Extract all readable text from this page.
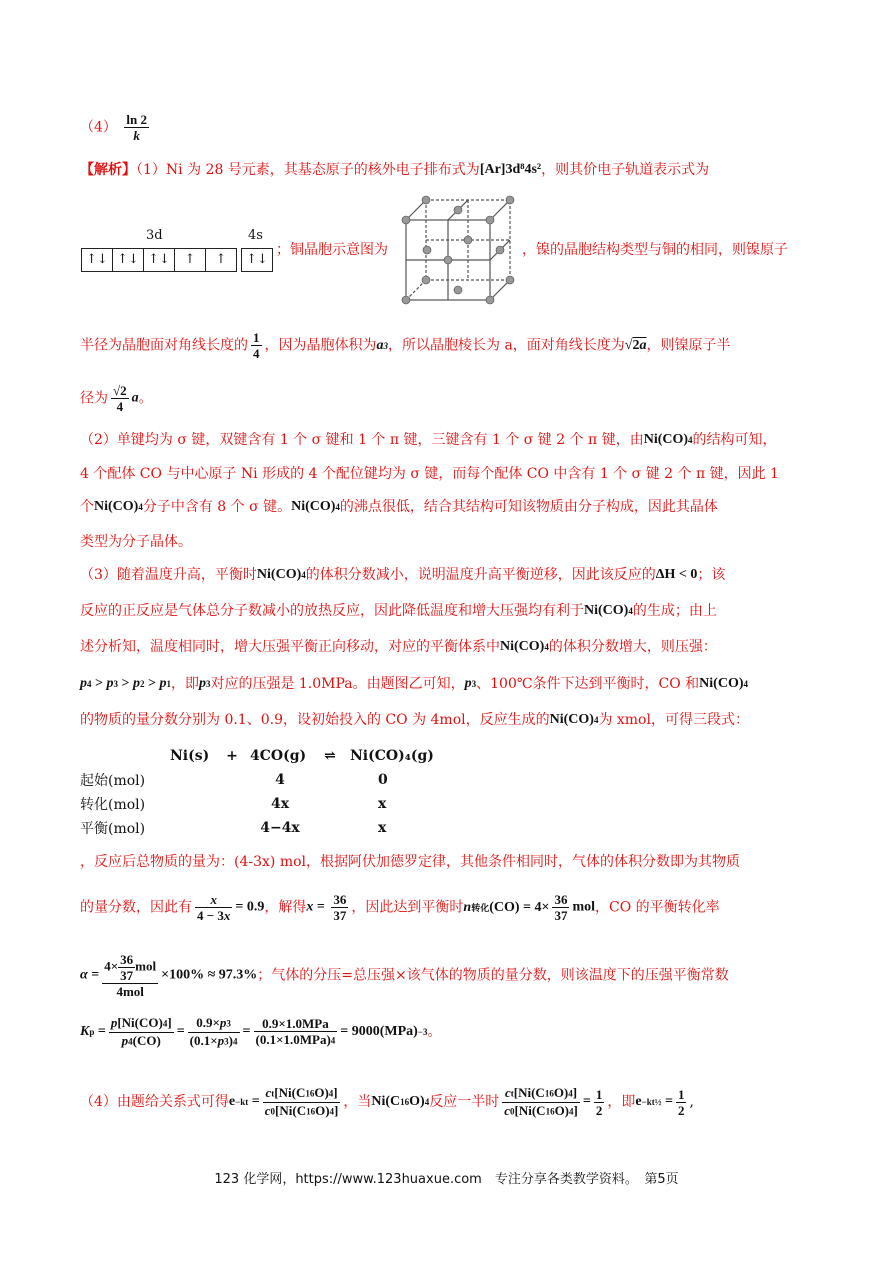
$(4) \frac{\ln 2}{k}$
【解析】（1）Ni 为 28 号元素，其基态原子的核外电子排布式为[Ar]3d⁸4s²，则其价电子轨道表示式为
3d	4s
↑↓ ↑↓ ↑↓ ↑ ↑	↑↓
；铜晶胞示意图为	，镍的晶胞结构类型与铜的相同，则镍原子
半径为晶胞面对角线长度的 $\frac{1}{4}$ ，因为晶胞体积为a3，所以晶胞棱长为 a，面对角线长度为√2a，则镍原子半
径为 $\frac{√2}{4}$ a。
（2）单键均为 σ 键，双键含有 1 个 σ 键和 1 个 π 键，三键含有 1 个 σ 键 2 个 π 键，由Ni(CO)4的结构可知，
4 个配体 CO 与中心原子 Ni 形成的 4 个配位键均为 σ 键，而每个配体 CO 中含有 1 个 σ 键 2 个 π 键，因此 1
个Ni(CO)4分子中含有 8 个 σ 键。Ni(CO)4的沸点很低，结合其结构可知该物质由分子构成，因此其晶体
类型为分子晶体。
（3）随着温度升高，平衡时Ni(CO)4的体积分数减小，说明温度升高平衡逆移，因此该反应的ΔH < 0；该
反应的正反应是气体总分子数减小的放热反应，因此降低温度和增大压强均有利于Ni(CO)4的生成；由上
述分析知，温度相同时，增大压强平衡正向移动，对应的平衡体系中Ni(CO)4的体积分数增大，则压强：
p4 > p3 > p2 > p1，即p3对应的压强是 1.0MPa。由题图乙可知，p3、100℃条件下达到平衡时，CO 和Ni(CO)4
的物质的量分数分别为 0.1、0.9，设初始投入的 CO 为 4mol，反应生成的Ni(CO)4为 xmol，可得三段式：
	Ni(s)	+	4CO(g)	⇌	Ni(CO)₄(g)
起始(mol)			4		0
转化(mol)			4x		x
平衡(mol)			4−4x		x
，反应后总物质的量为：(4-3x) mol，根据阿伏加德罗定律，其他条件相同时，气体的体积分数即为其物质
的量分数，因此有 $\frac{x}{4 - 3x} = 0.9$，解得$x = \frac{36}{37}$ ，因此达到平衡时n转化$(CO) = 4\times \frac{36}{37}$ mol，CO 的平衡转化率
$\alpha = \frac{4\times \frac{36}{37} mol}{\text{4mol}} \times 100\% \approx 97.3\%$；气体的分压=总压强×该气体的物质的量分数，则该温度下的压强平衡常数
$Kp = \frac{p[Ni(CO)4]}{p4(CO)} = \frac{0.9\times p3}{(0.1\times p3)4} = \frac{\text{0.9×1.0MPa}}{\text{(0.1×1.0MPa)4}} = 9000(MPa)-3$。
（4）由题给关系式可得$e-kt = \frac{ct[Ni(C16O)4]}{c0[Ni(C16O)4]}$ ，当Ni(C16O)4反应一半时 $\frac{ct[Ni(C16O)4]}{c0[Ni(C16O)4]} = \frac{1}{2}$ ，即e−kt½ = $\frac{1}{2}$ ,
123 化学网，https://www.123huaxue.com　专注分享各类教学资料。　第5页
